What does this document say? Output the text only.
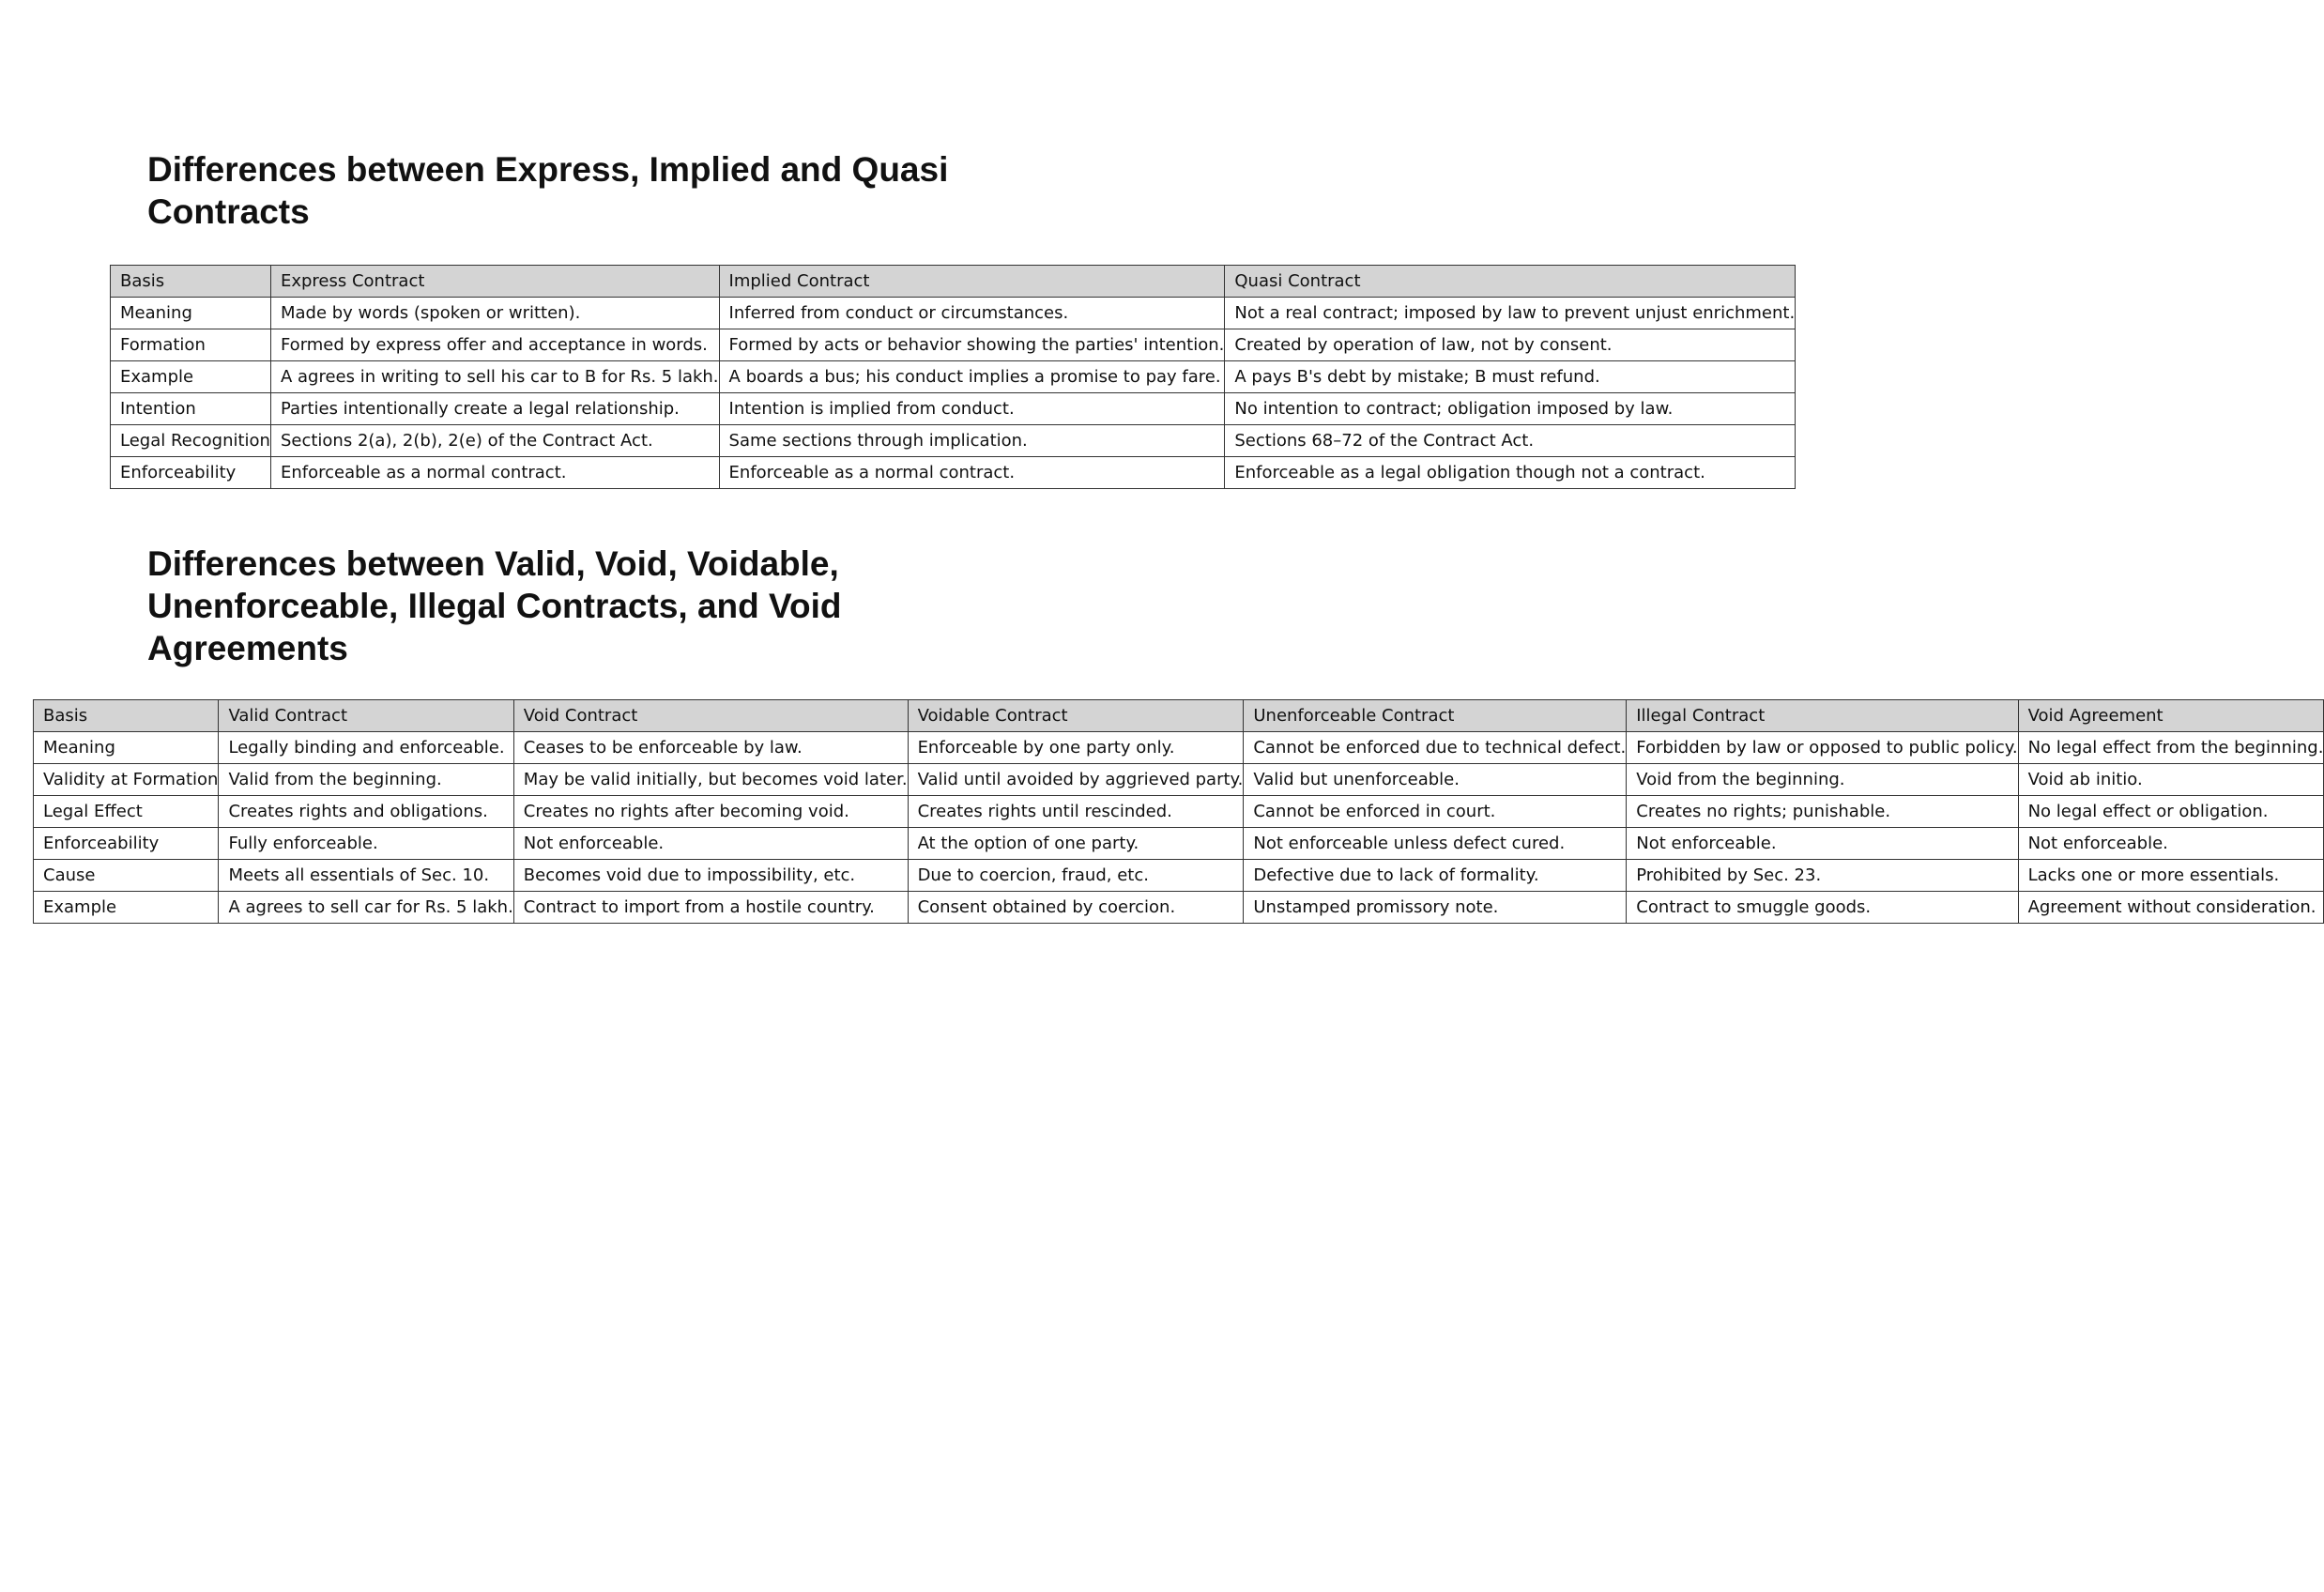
Differences between Express, Implied and Quasi Contracts
Basis	Express Contract	Implied Contract	Quasi Contract
Meaning	Made by words (spoken or written).	Inferred from conduct or circumstances.	Not a real contract; imposed by law to prevent unjust enrichment.
Formation	Formed by express offer and acceptance in words.	Formed by acts or behavior showing the parties' intention.	Created by operation of law, not by consent.
Example	A agrees in writing to sell his car to B for Rs. 5 lakh.	A boards a bus; his conduct implies a promise to pay fare.	A pays B's debt by mistake; B must refund.
Intention	Parties intentionally create a legal relationship.	Intention is implied from conduct.	No intention to contract; obligation imposed by law.
Legal Recognition	Sections 2(a), 2(b), 2(e) of the Contract Act.	Same sections through implication.	Sections 68–72 of the Contract Act.
Enforceability	Enforceable as a normal contract.	Enforceable as a normal contract.	Enforceable as a legal obligation though not a contract.
Differences between Valid, Void, Voidable, Unenforceable, Illegal Contracts, and Void Agreements
Basis	Valid Contract	Void Contract	Voidable Contract	Unenforceable Contract	Illegal Contract	Void Agreement
Meaning	Legally binding and enforceable.	Ceases to be enforceable by law.	Enforceable by one party only.	Cannot be enforced due to technical defect.	Forbidden by law or opposed to public policy.	No legal effect from the beginning.
Validity at Formation	Valid from the beginning.	May be valid initially, but becomes void later.	Valid until avoided by aggrieved party.	Valid but unenforceable.	Void from the beginning.	Void ab initio.
Legal Effect	Creates rights and obligations.	Creates no rights after becoming void.	Creates rights until rescinded.	Cannot be enforced in court.	Creates no rights; punishable.	No legal effect or obligation.
Enforceability	Fully enforceable.	Not enforceable.	At the option of one party.	Not enforceable unless defect cured.	Not enforceable.	Not enforceable.
Cause	Meets all essentials of Sec. 10.	Becomes void due to impossibility, etc.	Due to coercion, fraud, etc.	Defective due to lack of formality.	Prohibited by Sec. 23.	Lacks one or more essentials.
Example	A agrees to sell car for Rs. 5 lakh.	Contract to import from a hostile country.	Consent obtained by coercion.	Unstamped promissory note.	Contract to smuggle goods.	Agreement without consideration.
